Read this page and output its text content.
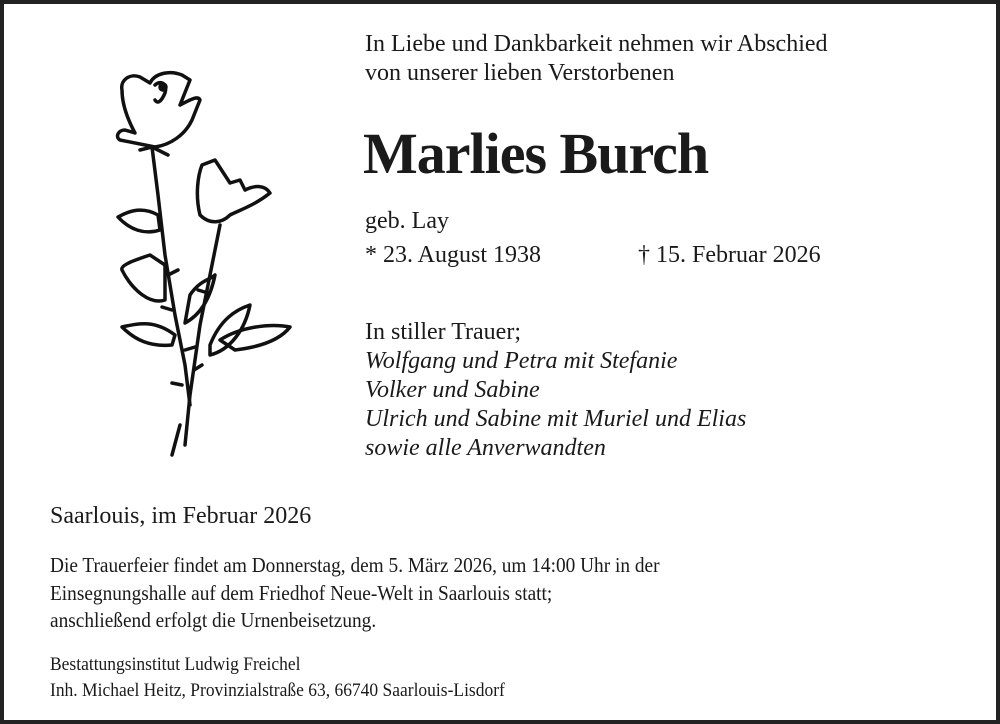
In Liebe und Dankbarkeit nehmen wir Abschied
von unserer lieben Verstorbenen
Marlies Burch
geb. Lay
* 23. August 1938	† 15. Februar 2026
In stiller Trauer;
Wolfgang und Petra mit Stefanie
Volker und Sabine
Ulrich und Sabine mit Muriel und Elias
sowie alle Anverwandten
Saarlouis, im Februar 2026
Die Trauerfeier findet am Donnerstag, dem 5. März 2026, um 14:00 Uhr in der
Einsegnungshalle auf dem Friedhof Neue-Welt in Saarlouis statt;
anschließend erfolgt die Urnenbeisetzung.
Bestattungsinstitut Ludwig Freichel
Inh. Michael Heitz, Provinzialstraße 63, 66740 Saarlouis-Lisdorf
